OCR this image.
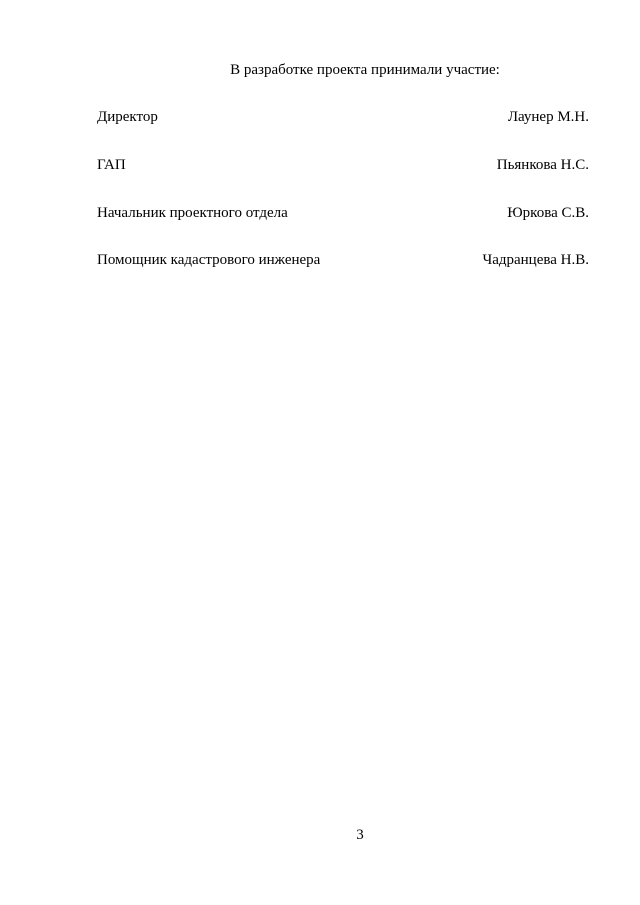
В разработке проекта принимали участие:
Директор	Лаунер М.Н.
ГАП	Пьянкова Н.С.
Начальник проектного отдела	Юркова С.В.
Помощник кадастрового инженера	Чадранцева Н.В.
3
